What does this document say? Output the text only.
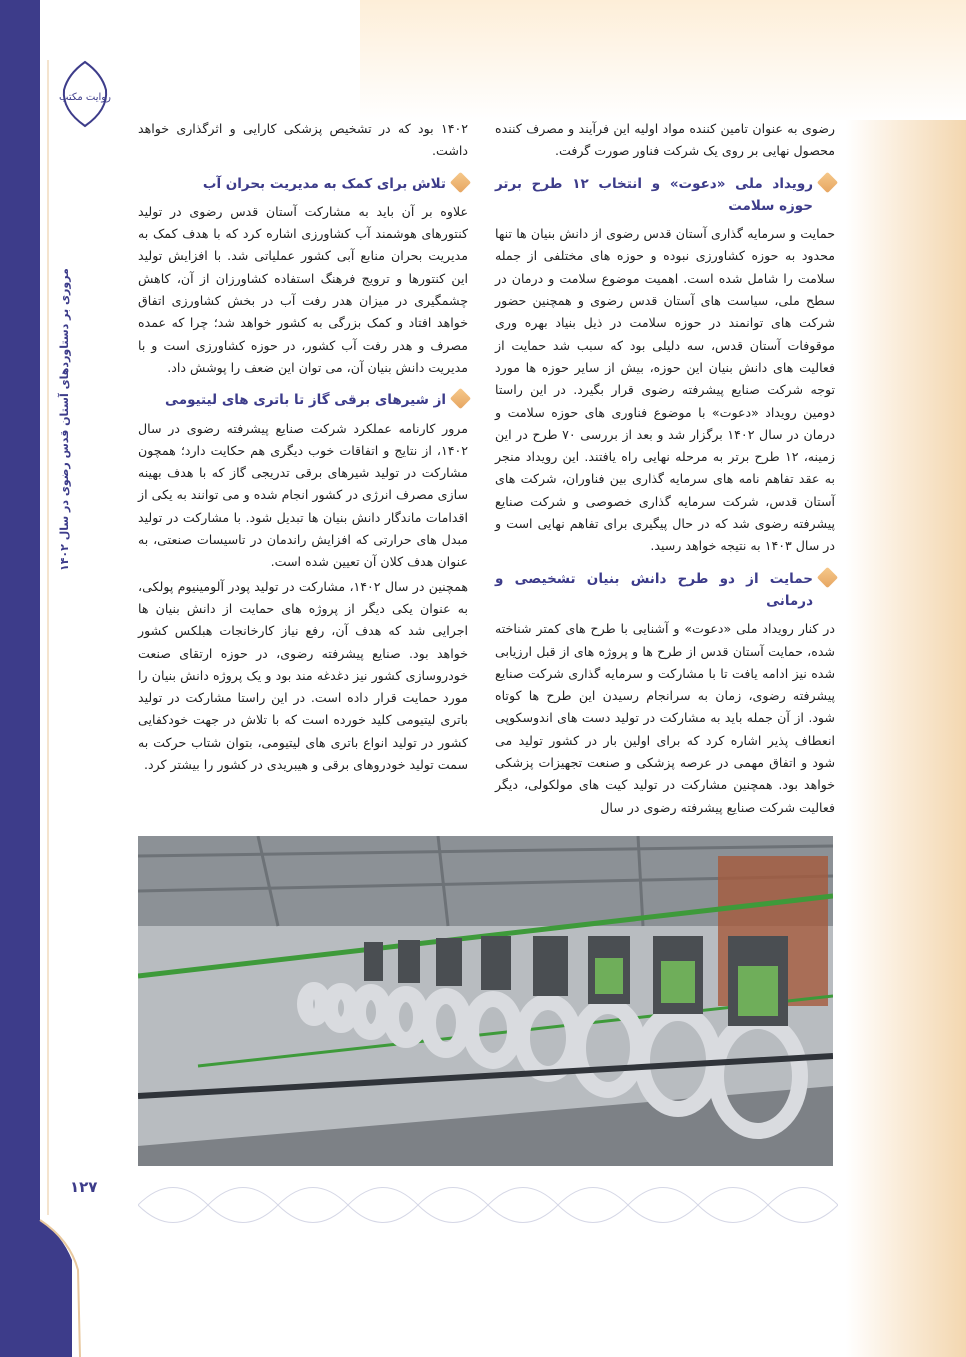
روایت مکتب
مروری بر دستاوردهای آستان قدس رضوی در سال ۱۴۰۲

رضوی به عنوان تامین کننده مواد اولیه این فرآیند و مصرف کننده محصول نهایی بر روی یک شرکت فناور صورت گرفت.

رویداد ملی «دعوت» و انتخاب ۱۲ طرح برتر حوزه سلامت

حمایت و سرمایه گذاری آستان قدس رضوی از دانش بنیان ها تنها محدود به حوزه کشاورزی نبوده و حوزه های مختلفی از جمله سلامت را شامل شده است. اهمیت موضوع سلامت و درمان در سطح ملی، سیاست های آستان قدس رضوی و همچنین حضور شرکت های توانمند در حوزه سلامت در ذیل بنیاد بهره وری موقوفات آستان قدس، سه دلیلی بود که سبب شد حمایت از فعالیت های دانش بنیان این حوزه، بیش از سایر حوزه ها مورد توجه شرکت صنایع پیشرفته رضوی قرار بگیرد. در این راستا دومین رویداد «دعوت» با موضوع فناوری های حوزه سلامت و درمان در سال ۱۴۰۲ برگزار شد و بعد از بررسی ۷۰ طرح در این زمینه، ۱۲ طرح برتر به مرحله نهایی راه یافتند. این رویداد منجر به عقد تفاهم نامه های سرمایه گذاری بین فناوران، شرکت های آستان قدس، شرکت سرمایه گذاری خصوصی و شرکت صنایع پیشرفته رضوی شد که در حال پیگیری برای تفاهم نهایی است و در سال ۱۴۰۳ به نتیجه خواهد رسید.

حمایت از دو طرح دانش بنیان تشخیصی و درمانی

در کنار رویداد ملی «دعوت» و آشنایی با طرح های کمتر شناخته شده، حمایت آستان قدس از طرح ها و پروژه های از قبل ارزیابی شده نیز ادامه یافت تا با مشارکت و سرمایه گذاری شرکت صنایع پیشرفته رضوی، زمان به سرانجام رسیدن این طرح ها کوتاه شود. از آن جمله باید به مشارکت در تولید دست های اندوسکوپی انعطاف پذیر اشاره کرد که برای اولین بار در کشور تولید می شود و اتفاق مهمی در عرصه پزشکی و صنعت تجهیزات پزشکی خواهد بود. همچنین مشارکت در تولید کیت های مولکولی، دیگر فعالیت شرکت صنایع پیشرفته رضوی در سال

۱۴۰۲ بود که در تشخیص پزشکی کارایی و اثرگذاری خواهد داشت.

تلاش برای کمک به مدیریت بحران آب

علاوه بر آن باید به مشارکت آستان قدس رضوی در تولید کنتورهای هوشمند آب کشاورزی اشاره کرد که با هدف کمک به مدیریت بحران منابع آبی کشور عملیاتی شد. با افزایش تولید این کنتورها و ترویج فرهنگ استفاده کشاورزان از آن، کاهش چشمگیری در میزان هدر رفت آب در بخش کشاورزی اتفاق خواهد افتاد و کمک بزرگی به کشور خواهد شد؛ چرا که عمده مصرف و هدر رفت آب کشور، در حوزه کشاورزی است و با مدیریت دانش بنیان آن، می توان این ضعف را پوشش داد.

از شیرهای برقی گاز تا باتری های لیتیومی

مرور کارنامه عملکرد شرکت صنایع پیشرفته رضوی در سال ۱۴۰۲، از نتایج و اتفاقات خوب دیگری هم حکایت دارد؛ همچون مشارکت در تولید شیرهای برقی تدریجی گاز که با هدف بهینه سازی مصرف انرژی در کشور انجام شده و می توانند به یکی از اقدامات ماندگار دانش بنیان ها تبدیل شود. با مشارکت در تولید مبدل های حرارتی که افزایش راندمان در تاسیسات صنعتی، به عنوان هدف کلان آن تعیین شده است.

همچنین در سال ۱۴۰۲، مشارکت در تولید پودر آلومینیوم پولکی، به عنوان یکی دیگر از پروژه های حمایت از دانش بنیان ها اجرایی شد که هدف آن، رفع نیاز کارخانجات هبلکس کشور خواهد بود. صنایع پیشرفته رضوی، در حوزه ارتقای صنعت خودروسازی کشور نیز دغدغه مند بود و یک پروژه دانش بنیان را مورد حمایت قرار داده است. در این راستا مشارکت در تولید باتری لیتیومی کلید خورده است که با تلاش در جهت خودکفایی کشور در تولید انواع باتری های لیتیومی، بتوان شتاب حرکت به سمت تولید خودروهای برقی و هیبریدی در کشور را بیشتر کرد.

۱۲۷
